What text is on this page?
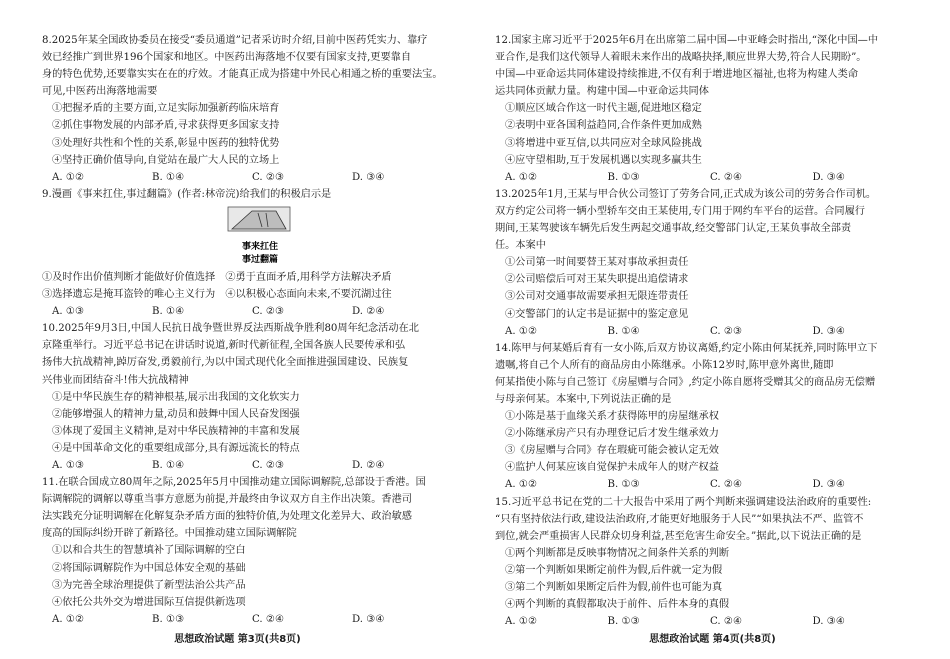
8.2025年某全国政协委员在接受“委员通道”记者采访时介绍,目前中医药凭实力、靠疗

效已经推广到世界196个国家和地区。中医药出海落地不仅要有国家支持,更要靠自

身的特色优势,还要靠实实在在的疗效。才能真正成为搭建中外民心相通之桥的重要法宝。

可见,中医药出海落地需要

①把握矛盾的主要方面,立足实际加强新药临床培育

②抓住事物发展的内部矛盾,寻求获得更多国家支持

③处理好共性和个性的关系,彰显中医药的独特优势

④坚持正确价值导向,自觉站在最广大人民的立场上

A. ①②	B. ①④	C. ②③	D. ③④

9.漫画《事来扛住,事过翻篇》(作者:林帝浣)给我们的积极启示是

事来扛住
事过翻篇

①及时作出价值判断才能做好价值选择　②勇于直面矛盾,用科学方法解决矛盾

③选择遗忘是掩耳盗铃的唯心主义行为　④以积极心态面向未来,不要沉湖过往

A. ①③	B. ①④	C. ②③	D. ②④

10.2025年9月3日,中国人民抗日战争暨世界反法西斯战争胜利80周年纪念活动在北

京隆重举行。习近平总书记在讲话时说道,新时代新征程,全国各族人民要传承和弘

扬伟大抗战精神,踔厉奋发,勇毅前行,为以中国式现代化全面推进强国建设、民族复

兴伟业而团结奋斗!伟大抗战精神

①是中华民族生存的精神根基,展示出我国的文化软实力

②能够增强人的精神力量,动员和鼓舞中国人民奋发图强

③体现了爱国主义精神,是对中华民族精神的丰富和发展

④是中国革命文化的重要组成部分,具有源远流长的特点

A. ①③	B. ①④	C. ②③	D. ②④

11.在联合国成立80周年之际,2025年5月中国推动建立国际调解院,总部设于香港。国

际调解院的调解以尊重当事方意愿为前提,并最终由争议双方自主作出决策。香港司

法实践充分证明调解在化解复杂矛盾方面的独特价值,为处理文化差异大、政治敏感

度高的国际纠纷开辟了新路径。中国推动建立国际调解院

①以和合共生的智慧填补了国际调解的空白

②将国际调解院作为中国总体安全观的基础

③为完善全球治理提供了新型法治公共产品

④依托公共外交为增进国际互信提供新选项

A. ①②	B. ①③	C. ②④	D. ③④
思想政治试题 第3页(共8页)

12.国家主席习近平于2025年6月在出席第二届中国—中亚峰会时指出,“深化中国—中

亚合作,是我们这代领导人着眼未来作出的战略抉择,顺应世界大势,符合人民期盼”。

中国—中亚命运共同体建设持续推进,不仅有利于增进地区福祉,也将为构建人类命

运共同体贡献力量。构建中国—中亚命运共同体

①顺应区域合作这一时代主题,促进地区稳定

②表明中亚各国利益趋同,合作条件更加成熟

③将增进中亚互信,以共同应对全球风险挑战

④应守望相助,互于发展机遇以实现多赢共生

A. ①②	B. ①③	C. ②④	D. ③④

13.2025年1月,王某与甲合伙公司签订了劳务合同,正式成为该公司的劳务合作司机。

双方约定公司将一辆小型轿车交由王某使用,专门用于网约车平台的运营。合同履行

期间,王某驾驶该车辆先后发生两起交通事故,经交警部门认定,王某负事故全部责

任。本案中

①公司第一时间要替王某对事故承担责任

②公司赔偿后可对王某失职提出追偿请求

③公司对交通事故需要承担无限连带责任

④交警部门的认定书是证据中的鉴定意见

A. ①②	B. ①④	C. ②③	D. ③④

14.陈甲与何某婚后育有一女小陈,后双方协议离婚,约定小陈由何某抚养,同时陈甲立下

遗嘱,将自己个人所有的商品房由小陈继承。小陈12岁时,陈甲意外离世,随即

何某指使小陈与自己签订《房屋赠与合同》,约定小陈自愿将受赠其父的商品房无偿赠

与母亲何某。本案中,下列说法正确的是

①小陈是基于血缘关系才获得陈甲的房屋继承权

②小陈继承房产只有办理登记后才发生继承效力

③《房屋赠与合同》存在瑕疵可能会被认定无效

④监护人何某应该自觉保护未成年人的财产权益

A. ①②	B. ①③	C. ②④	D. ③④

15.习近平总书记在党的二十大报告中采用了两个判断来强调建设法治政府的重要性:

“只有坚持依法行政,建设法治政府,才能更好地服务于人民”“如果执法不严、监管不

到位,就会严重损害人民群众切身利益,甚至危害生命安全。”据此,以下说法正确的是

①两个判断都是反映事物情况之间条件关系的判断

②第一个判断如果断定前件为假,后件就一定为假

③第二个判断如果断定后件为假,前件也可能为真

④两个判断的真假都取决于前件、后件本身的真假

A. ①②	B. ①③	C. ②④	D. ③④
思想政治试题 第4页(共8页)
